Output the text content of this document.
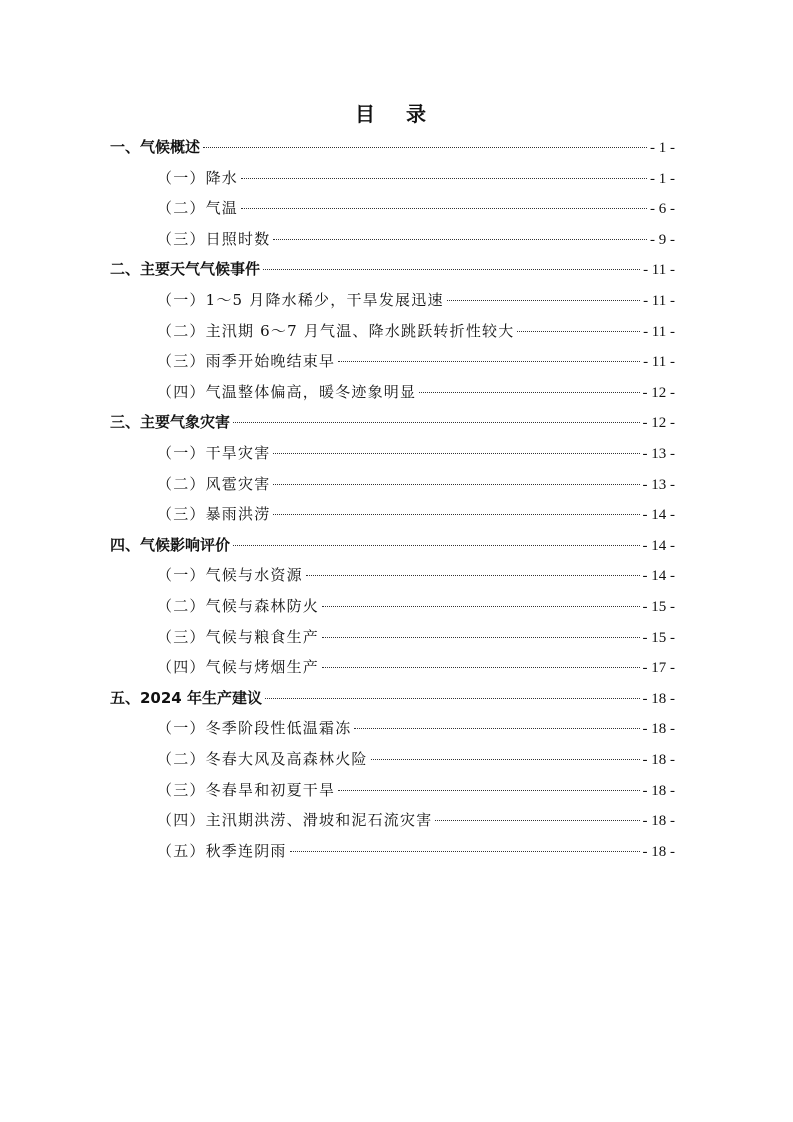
目 录
一、气候概述	- 1 -
（一）降水	- 1 -
（二）气温	- 6 -
（三）日照时数	- 9 -
二、主要天气气候事件	- 11 -
（一）1～5 月降水稀少，干旱发展迅速	- 11 -
（二）主汛期 6～7 月气温、降水跳跃转折性较大	- 11 -
（三）雨季开始晚结束早	- 11 -
（四）气温整体偏高，暖冬迹象明显	- 12 -
三、主要气象灾害	- 12 -
（一）干旱灾害	- 13 -
（二）风雹灾害	- 13 -
（三）暴雨洪涝	- 14 -
四、气候影响评价	- 14 -
（一）气候与水资源	- 14 -
（二）气候与森林防火	- 15 -
（三）气候与粮食生产	- 15 -
（四）气候与烤烟生产	- 17 -
五、2024 年生产建议	- 18 -
（一）冬季阶段性低温霜冻	- 18 -
（二）冬春大风及高森林火险	- 18 -
（三）冬春旱和初夏干旱	- 18 -
（四）主汛期洪涝、滑坡和泥石流灾害	- 18 -
（五）秋季连阴雨	- 18 -
